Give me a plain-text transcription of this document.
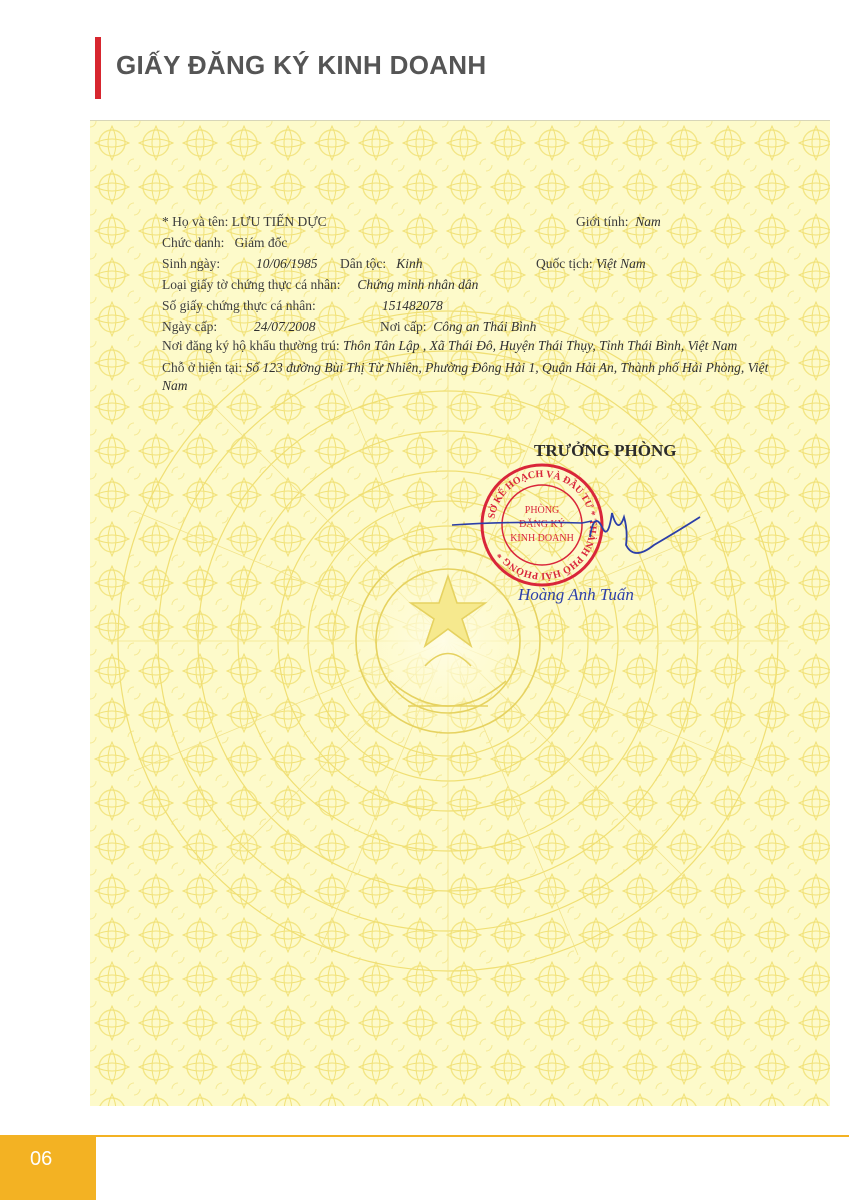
GIẤY ĐĂNG KÝ KINH DOANH
* Họ và tên: LƯU TIẾN DỰC	Giới tính: Nam
Chức danh: Giám đốc
Sinh ngày:	10/06/1985 Dân tộc: Kinh	Quốc tịch: Việt Nam
Loại giấy tờ chứng thực cá nhân: Chứng minh nhân dân
Số giấy chứng thực cá nhân:	151482078
Ngày cấp:	24/07/2008	Nơi cấp: Công an Thái Bình
Nơi đăng ký hộ khẩu thường trú: Thôn Tân Lập , Xã Thái Đô, Huyện Thái Thụy, Tỉnh Thái Bình, Việt Nam
Chỗ ở hiện tại: Số 123 đường Bùi Thị Từ Nhiên, Phường Đông Hải 1, Quận Hải An, Thành phố Hải Phòng, Việt Nam
TRƯỞNG PHÒNG
SỞ KẾ HOẠCH VÀ ĐẦU TƯ * THÀNH PHỐ HẢI PHÒNG *
PHÒNG
ĐĂNG KÝ
KINH DOANH
Hoàng Anh Tuấn
06
